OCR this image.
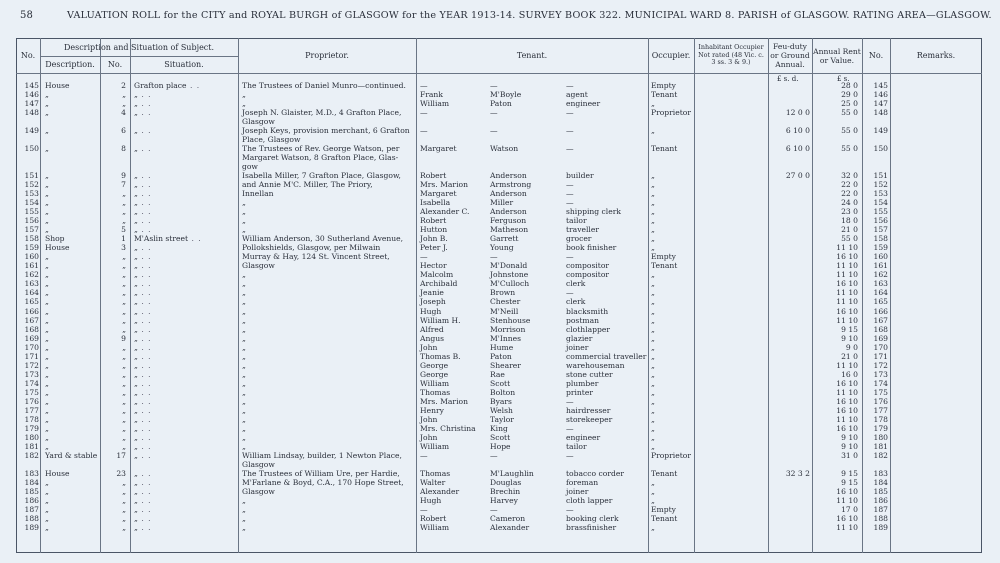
58	VALUATION ROLL for the CITY and ROYAL BURGH of GLASGOW for the YEAR 1913-14. SURVEY BOOK 322. MUNICIPAL WARD 8. PARISH of GLASGOW. RATING AREA—GLASGOW.
No.
Description and Situation of Subject.
Description.	No.	Situation.
Proprietor.	Tenant.	Occupier.
Inhabitant Occupier Not rated (48 Vic. c. 3 ss. 3 & 9.)
Feu-duty or Ground Annual.
Annual Rent or Value.	No.	Remarks.
£ s. d.	£ s.
145 House	2 Grafton place . .	The Trustees of Daniel Munro—continued.	—	—	—	Empty	28 0	145
146 „	„ „ . .	„	Frank	M'Boyle	agent	Tenant	29 0	146
147 „	„ „ . .	„	William	Paton	engineer	„	25 0	147
148 „	4 „ . .	Joseph N. Glaister, M.D., 4 Grafton Place,	—	—	—	Proprietor	12 0 0	55 0	148
Glasgow
149 „	6 „ . .	Joseph Keys, provision merchant, 6 Grafton	—	—	—	„	6 10 0	55 0	149
Place, Glasgow
150 „	8 „ . .	The Trustees of Rev. George Watson, per	Margaret	Watson	—	Tenant	6 10 0	55 0	150
Margaret Watson, 8 Grafton Place, Glas-
gow
151 „	9 „ . .	Isabella Miller, 7 Grafton Place, Glasgow,	Robert	Anderson	builder	„	27 0 0	32 0	151
152 „	7 „ . .	and Annie M'C. Miller, The Priory,	Mrs. Marion	Armstrong	—	„	22 0	152
153 „	„ „ . .	Innellan	Margaret	Anderson	—	„	22 0	153
154 „	„ „ . .	„	Isabella	Miller	—	„	24 0	154
155 „	„ „ . .	„	Alexander C.	Anderson	shipping clerk	„	23 0	155
156 „	„ „ . .	„	Robert	Ferguson	tailor	„	18 0	156
157 „	5 „ . .	„	Hutton	Matheson	traveller	„	21 0	157
158 Shop	1 M'Aslin street . .	William Anderson, 30 Sutherland Avenue,	John B.	Garrett	grocer	„	55 0	158
159 House	3 „ . .	Pollokshields, Glasgow, per Milwain	Peter J.	Young	book finisher	„	11 10	159
160 „	„ „ . .	Murray & Hay, 124 St. Vincent Street,	—	—	—	Empty	16 10	160
161 „	„ „ . .	Glasgow	Hector	M'Donald	compositor	Tenant	11 10	161
162 „	„ „ . .	„	Malcolm	Johnstone	compositor	„	11 10	162
163 „	„ „ . .	„	Archibald	M'Culloch	clerk	„	16 10	163
164 „	„ „ . .	„	Jeanie	Brown	—	„	11 10	164
165 „	„ „ . .	„	Joseph	Chester	clerk	„	11 10	165
166 „	„ „ . .	„	Hugh	M'Neill	blacksmith	„	16 10	166
167 „	„ „ . .	„	William H.	Stenhouse	postman	„	11 10	167
168 „	„ „ . .	„	Alfred	Morrison	clothlapper	„	9 15	168
169 „	9 „ . .	„	Angus	M'Innes	glazier	„	9 10	169
170 „	„ „ . .	„	John	Hume	joiner	„	9 0	170
171 „	„ „ . .	„	Thomas B.	Paton	commercial traveller „	21 0	171
172 „	„ „ . .	„	George	Shearer	warehouseman	„	11 10	172
173 „	„ „ . .	„	George	Rae	stone cutter	„	16 0	173
174 „	„ „ . .	„	William	Scott	plumber	„	16 10	174
175 „	„ „ . .	„	Thomas	Bolton	printer	„	11 10	175
176 „	„ „ . .	„	Mrs. Marion	Byars	—	„	16 10	176
177 „	„ „ . .	„	Henry	Welsh	hairdresser	„	16 10	177
178 „	„ „ . .	„	John	Taylor	storekeeper	„	11 10	178
179 „	„ „ . .	„	Mrs. Christina	King	—	„	16 10	179
180 „	„ „ . .	„	John	Scott	engineer	„	9 10	180
181 „	„ „ . .	„	William	Hope	tailor	„	9 10	181
182 Yard & stable	17 „ . .	William Lindsay, builder, 1 Newton Place,	—	—	—	Proprietor	31 0	182
Glasgow
183 House	23 „ . .	The Trustees of William Ure, per Hardie,	Thomas	M'Laughlin	tobacco corder	Tenant	32 3 2	9 15	183
184 „	„ „ . .	M'Farlane & Boyd, C.A., 170 Hope Street,	Walter	Douglas	foreman	„	9 15	184
185 „	„ „ . .	Glasgow	Alexander	Brechin	joiner	„	16 10	185
186 „	„ „ . .	„	Hugh	Harvey	cloth lapper	„	11 10	186
187 „	„ „ . .	„	—	—	—	Empty	17 0	187
188 „	„ „ . .	„	Robert	Cameron	booking clerk	Tenant	16 10	188
189 „	„ „ . .	„	William	Alexander	brassfinisher	„	11 10	189
